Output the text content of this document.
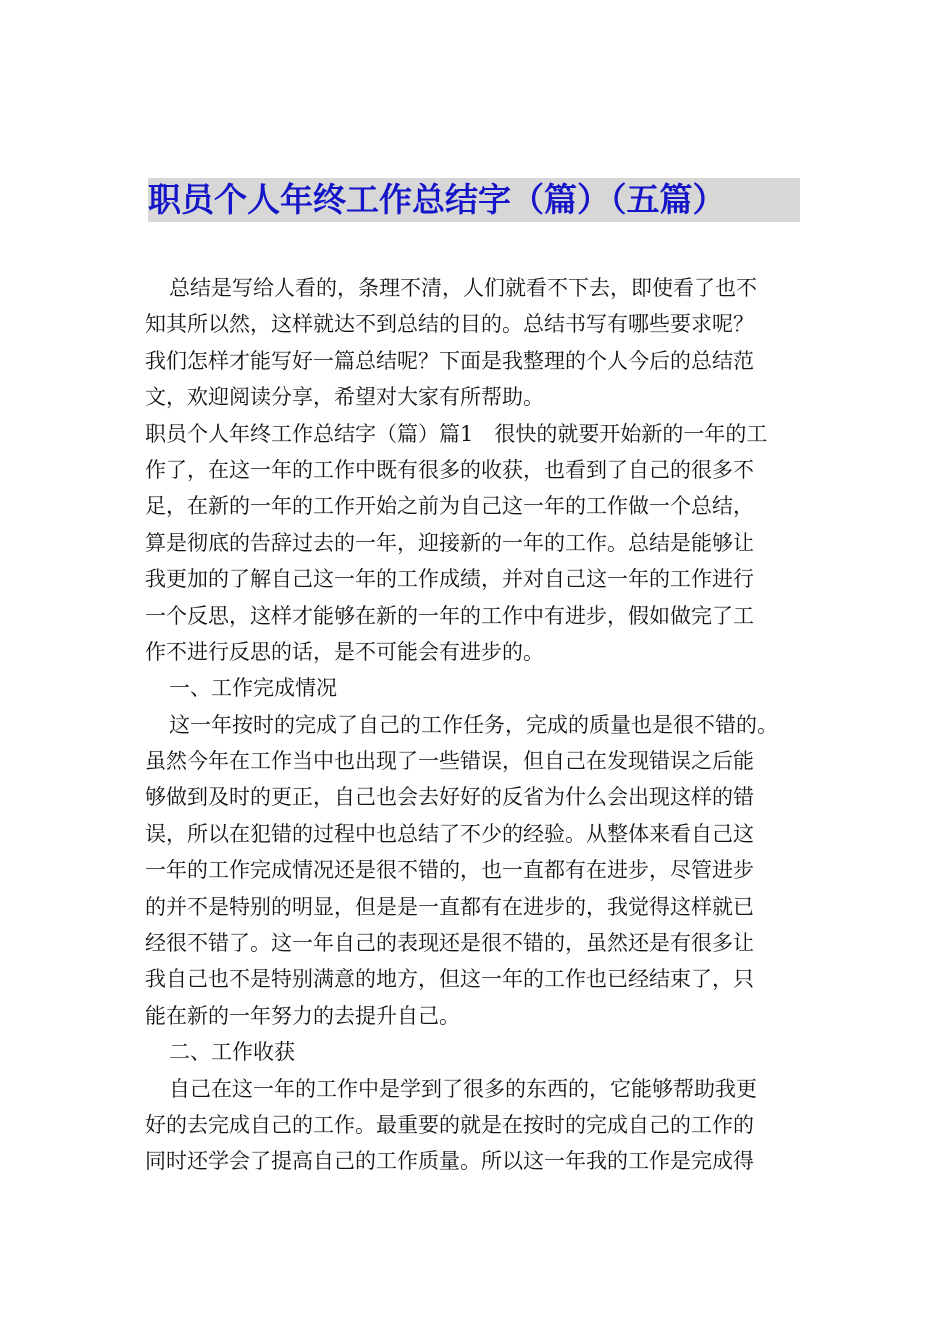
职员个人年终工作总结字（篇）（五篇）
总结是写给人看的，条理不清，人们就看不下去，即使看了也不
知其所以然，这样就达不到总结的目的。总结书写有哪些要求呢？
我们怎样才能写好一篇总结呢？下面是我整理的个人今后的总结范
文，欢迎阅读分享，希望对大家有所帮助。
职员个人年终工作总结字（篇）篇1　很快的就要开始新的一年的工
作了，在这一年的工作中既有很多的收获，也看到了自己的很多不
足，在新的一年的工作开始之前为自己这一年的工作做一个总结，
算是彻底的告辞过去的一年，迎接新的一年的工作。总结是能够让
我更加的了解自己这一年的工作成绩，并对自己这一年的工作进行
一个反思，这样才能够在新的一年的工作中有进步，假如做完了工
作不进行反思的话，是不可能会有进步的。
一、工作完成情况
这一年按时的完成了自己的工作任务，完成的质量也是很不错的。
虽然今年在工作当中也出现了一些错误，但自己在发现错误之后能
够做到及时的更正，自己也会去好好的反省为什么会出现这样的错
误，所以在犯错的过程中也总结了不少的经验。从整体来看自己这
一年的工作完成情况还是很不错的，也一直都有在进步，尽管进步
的并不是特别的明显，但是是一直都有在进步的，我觉得这样就已
经很不错了。这一年自己的表现还是很不错的，虽然还是有很多让
我自己也不是特别满意的地方，但这一年的工作也已经结束了，只
能在新的一年努力的去提升自己。
二、工作收获
自己在这一年的工作中是学到了很多的东西的，它能够帮助我更
好的去完成自己的工作。最重要的就是在按时的完成自己的工作的
同时还学会了提高自己的工作质量。所以这一年我的工作是完成得
